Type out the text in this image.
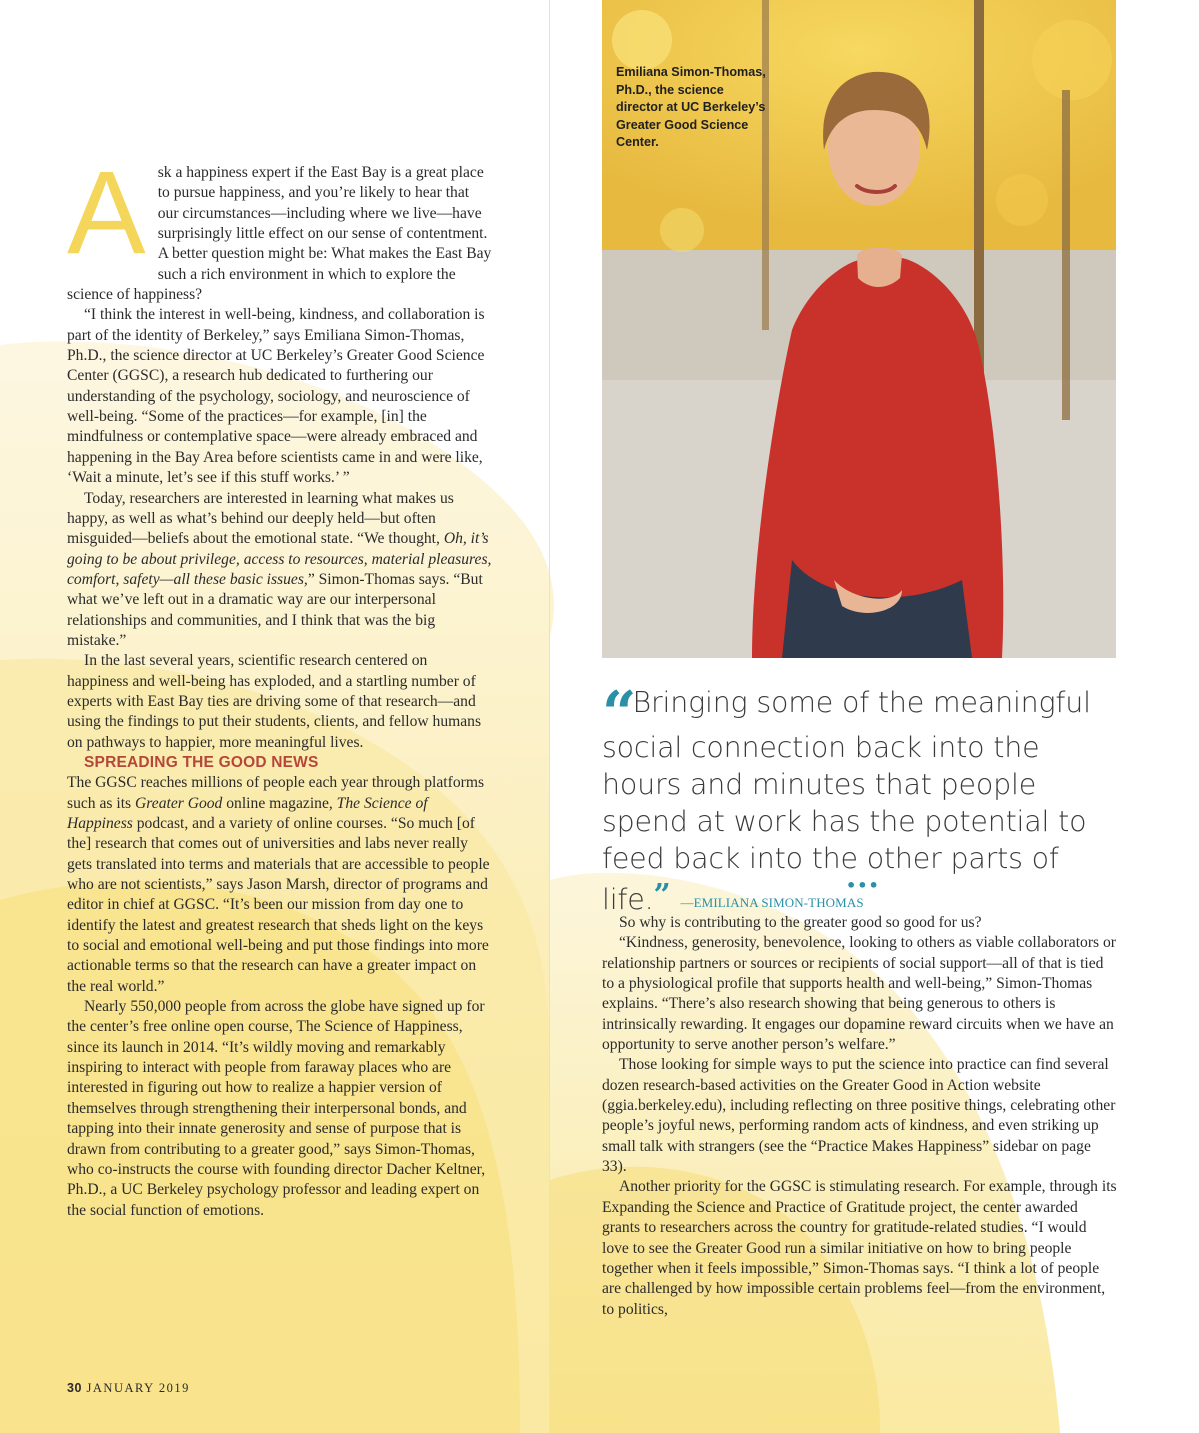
Ask a happiness expert if the East Bay is a great place to pursue happiness, and you’re likely to hear that our circumstances—including where we live—have surprisingly little effect on our sense of contentment. A better question might be: What makes the East Bay such a rich environment in which to explore the science of happiness?

“I think the interest in well-being, kindness, and collaboration is part of the identity of Berkeley,” says Emiliana Simon-Thomas, Ph.D., the science director at UC Berkeley’s Greater Good Science Center (GGSC), a research hub dedicated to furthering our understanding of the psychology, sociology, and neuroscience of well-being. “Some of the practices—for example, [in] the mindfulness or contemplative space—were already embraced and happening in the Bay Area before scientists came in and were like, ‘Wait a minute, let’s see if this stuff works.’ ”

Today, researchers are interested in learning what makes us happy, as well as what’s behind our deeply held—but often misguided—beliefs about the emotional state. “We thought, Oh, it’s going to be about privilege, access to resources, material pleasures, comfort, safety—all these basic issues,” Simon-Thomas says. “But what we’ve left out in a dramatic way are our interpersonal relationships and communities, and I think that was the big mistake.”

In the last several years, scientific research centered on happiness and well-being has exploded, and a startling number of experts with East Bay ties are driving some of that research—and using the findings to put their students, clients, and fellow humans on pathways to happier, more meaningful lives.

SPREADING THE GOOD NEWS

The GGSC reaches millions of people each year through platforms such as its Greater Good online magazine, The Science of Happiness podcast, and a variety of online courses. “So much [of the] research that comes out of universities and labs never really gets translated into terms and materials that are accessible to people who are not scientists,” says Jason Marsh, director of programs and editor in chief at GGSC. “It’s been our mission from day one to identify the latest and greatest research that sheds light on the keys to social and emotional well-being and put those findings into more actionable terms so that the research can have a greater impact on the real world.”

Nearly 550,000 people from across the globe have signed up for the center’s free online open course, The Science of Happiness, since its launch in 2014. “It’s wildly moving and remarkably inspiring to interact with people from faraway places who are interested in figuring out how to realize a happier version of themselves through strengthening their interpersonal bonds, and tapping into their innate generosity and sense of purpose that is drawn from contributing to a greater good,” says Simon-Thomas, who co-instructs the course with founding director Dacher Keltner, Ph.D., a UC Berkeley psychology professor and leading expert on the social function of emotions.

Emiliana Simon-Thomas, Ph.D., the science director at UC Berkeley’s Greater Good Science Center.
“ Bringing some of the meaningful social connection back into the hours and minutes that people spend at work has the potential to feed back into the other parts of life.” —EMILIANA SIMON-THOMAS
•••

So why is contributing to the greater good so good for us?

“Kindness, generosity, benevolence, looking to others as viable collaborators or relationship partners or sources or recipients of social support—all of that is tied to a physiological profile that supports health and well-being,” Simon-Thomas explains. “There’s also research showing that being generous to others is intrinsically rewarding. It engages our dopamine reward circuits when we have an opportunity to serve another person’s welfare.”

Those looking for simple ways to put the science into practice can find several dozen research-based activities on the Greater Good in Action website (ggia.berkeley.edu), including reflecting on three positive things, celebrating other people’s joyful news, performing random acts of kindness, and even striking up small talk with strangers (see the “Practice Makes Happiness” sidebar on page 33).

Another priority for the GGSC is stimulating research. For example, through its Expanding the Science and Practice of Gratitude project, the center awarded grants to researchers across the country for gratitude-related studies. “I would love to see the Greater Good run a similar initiative on how to bring people together when it feels impossible,” Simon-Thomas says. “I think a lot of people are challenged by how impossible certain problems feel—from the environment, to politics,

30 JANUARY 2019
